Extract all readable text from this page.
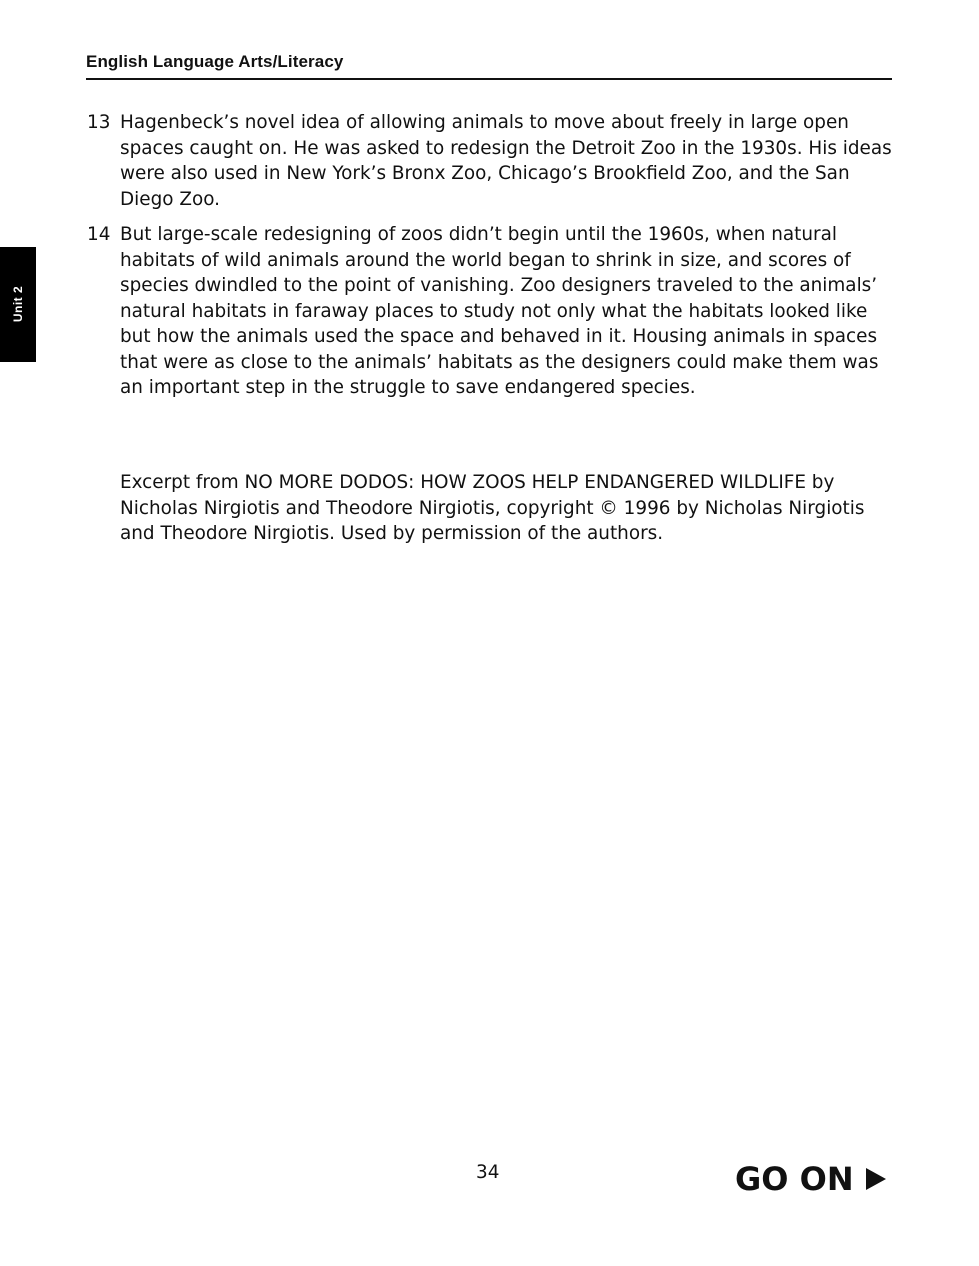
English Language Arts/Literacy
Unit 2
13 Hagenbeck’s novel idea of allowing animals to move about freely in large open spaces caught on. He was asked to redesign the Detroit Zoo in the 1930s. His ideas were also used in New York’s Bronx Zoo, Chicago’s Brookfield Zoo, and the San Diego Zoo.
14 But large-scale redesigning of zoos didn’t begin until the 1960s, when natural habitats of wild animals around the world began to shrink in size, and scores of species dwindled to the point of vanishing. Zoo designers traveled to the animals’ natural habitats in faraway places to study not only what the habitats looked like but how the animals used the space and behaved in it. Housing animals in spaces that were as close to the animals’ habitats as the designers could make them was an important step in the struggle to save endangered species.
Excerpt from NO MORE DODOS: HOW ZOOS HELP ENDANGERED WILDLIFE by Nicholas Nirgiotis and Theodore Nirgiotis, copyright © 1996 by Nicholas Nirgiotis and Theodore Nirgiotis. Used by permission of the authors.
34	GO ON
